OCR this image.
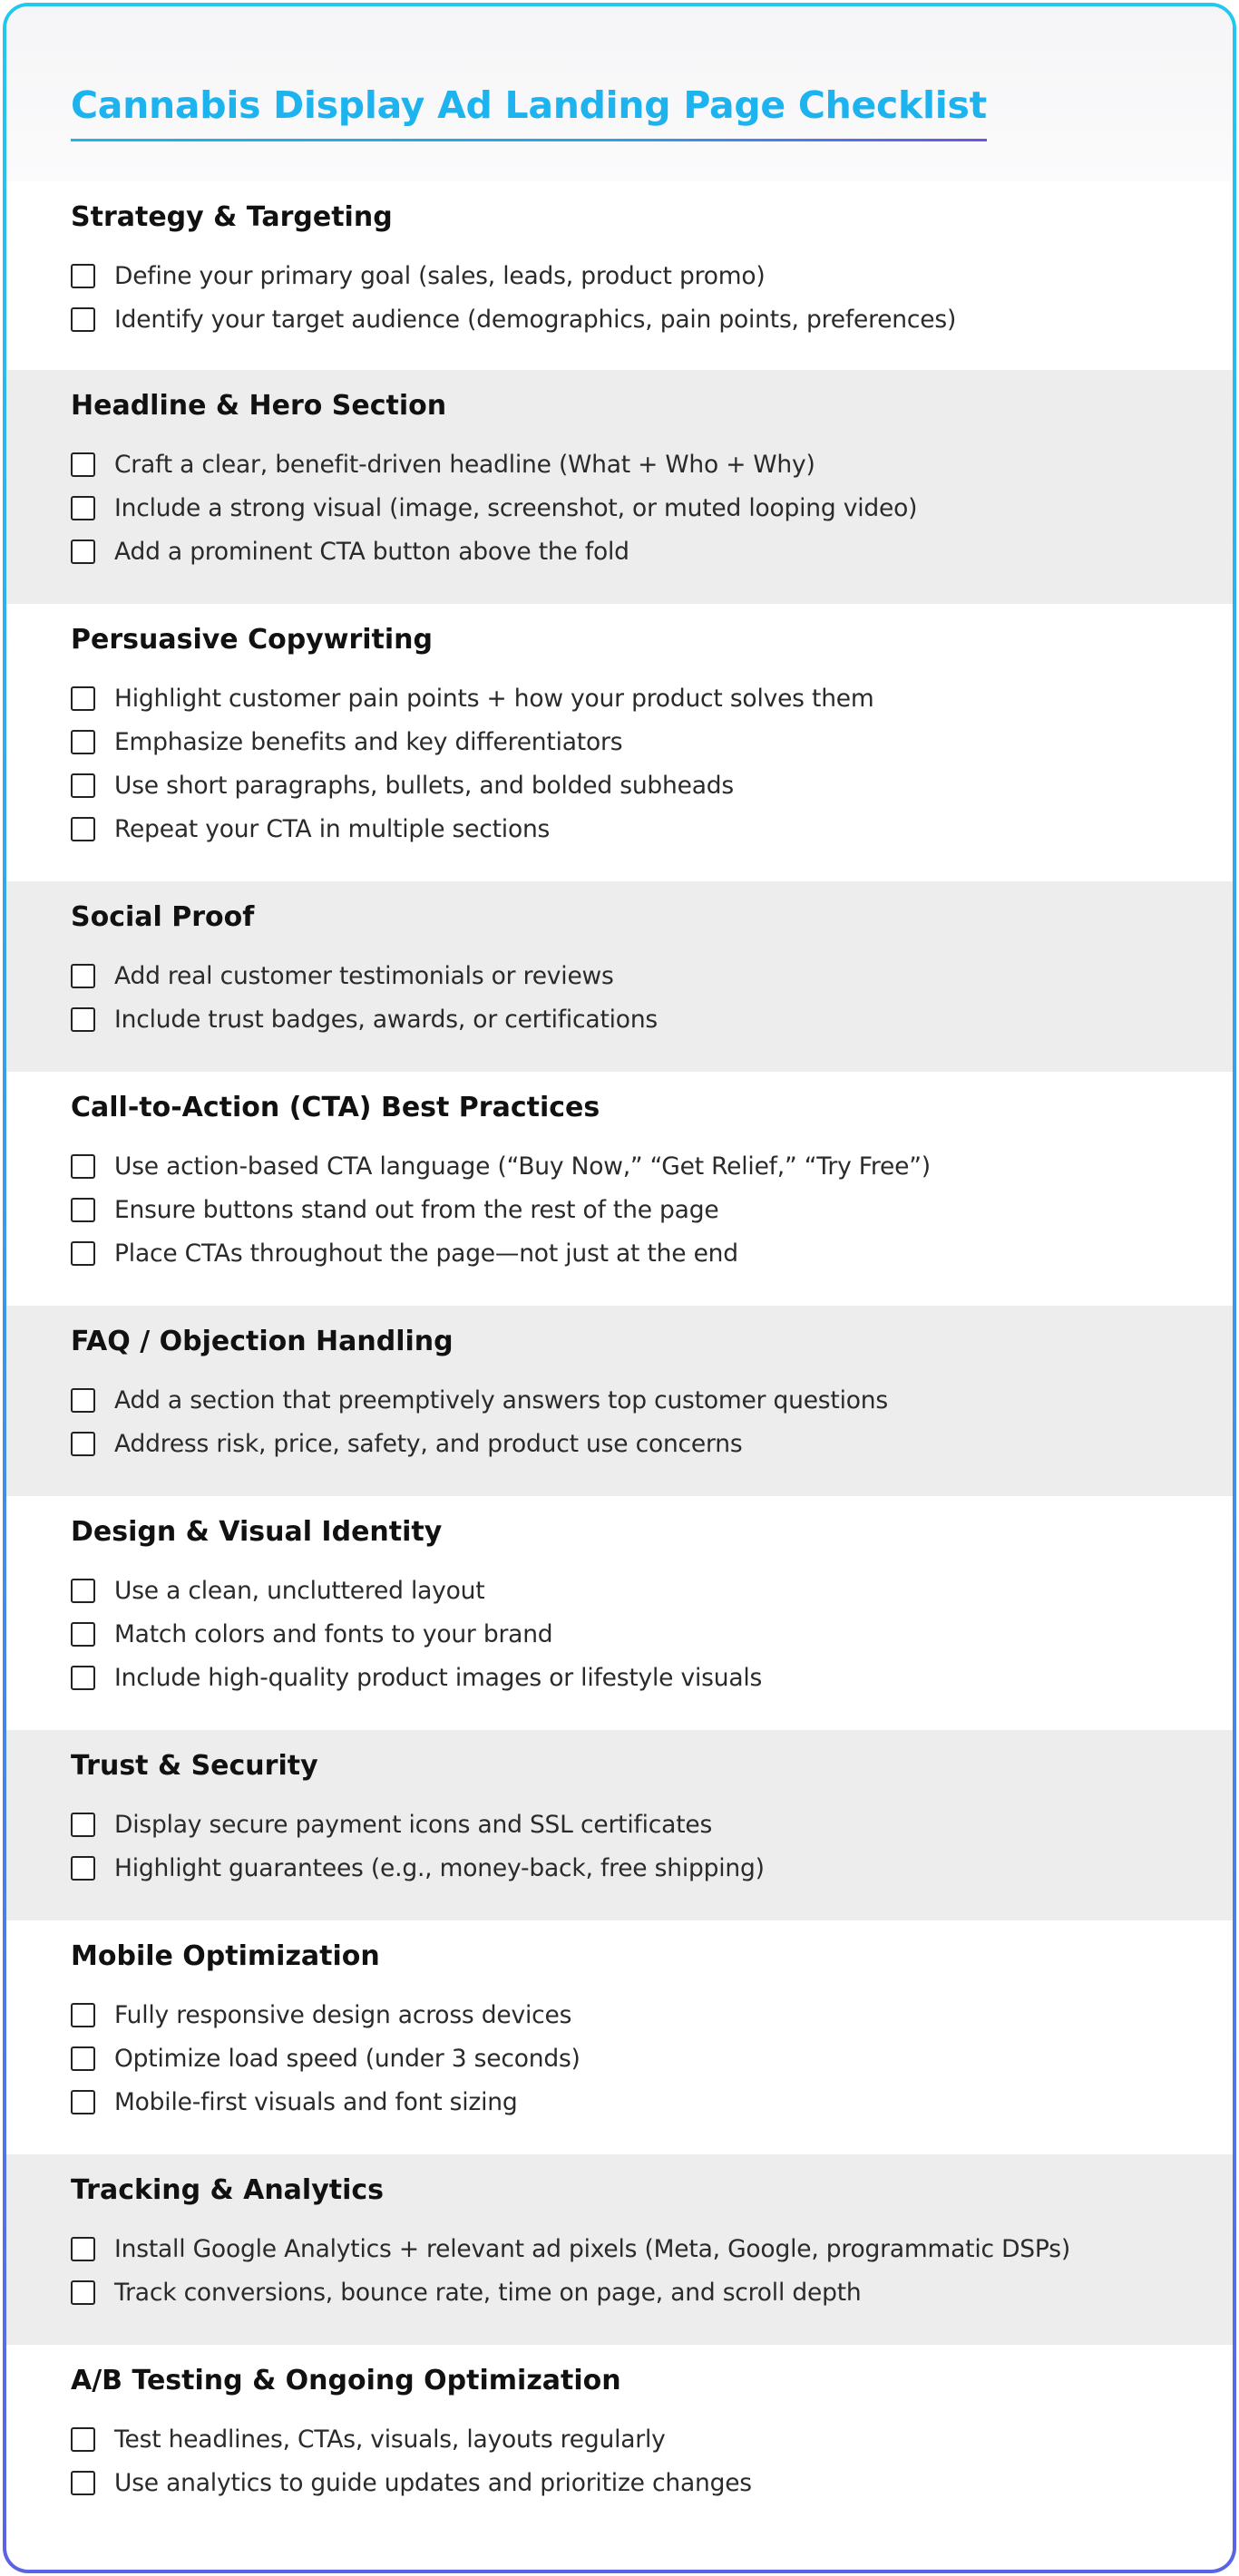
Cannabis Display Ad Landing Page Checklist
Strategy & Targeting
Define your primary goal (sales, leads, product promo)
Identify your target audience (demographics, pain points, preferences)
Headline & Hero Section
Craft a clear, benefit-driven headline (What + Who + Why)
Include a strong visual (image, screenshot, or muted looping video)
Add a prominent CTA button above the fold
Persuasive Copywriting
Highlight customer pain points + how your product solves them
Emphasize benefits and key differentiators
Use short paragraphs, bullets, and bolded subheads
Repeat your CTA in multiple sections
Social Proof
Add real customer testimonials or reviews
Include trust badges, awards, or certifications
Call-to-Action (CTA) Best Practices
Use action-based CTA language (“Buy Now,” “Get Relief,” “Try Free”)
Ensure buttons stand out from the rest of the page
Place CTAs throughout the page—not just at the end
FAQ / Objection Handling
Add a section that preemptively answers top customer questions
Address risk, price, safety, and product use concerns
Design & Visual Identity
Use a clean, uncluttered layout
Match colors and fonts to your brand
Include high-quality product images or lifestyle visuals
Trust & Security
Display secure payment icons and SSL certificates
Highlight guarantees (e.g., money-back, free shipping)
Mobile Optimization
Fully responsive design across devices
Optimize load speed (under 3 seconds)
Mobile-first visuals and font sizing
Tracking & Analytics
Install Google Analytics + relevant ad pixels (Meta, Google, programmatic DSPs)
Track conversions, bounce rate, time on page, and scroll depth
A/B Testing & Ongoing Optimization
Test headlines, CTAs, visuals, layouts regularly
Use analytics to guide updates and prioritize changes
